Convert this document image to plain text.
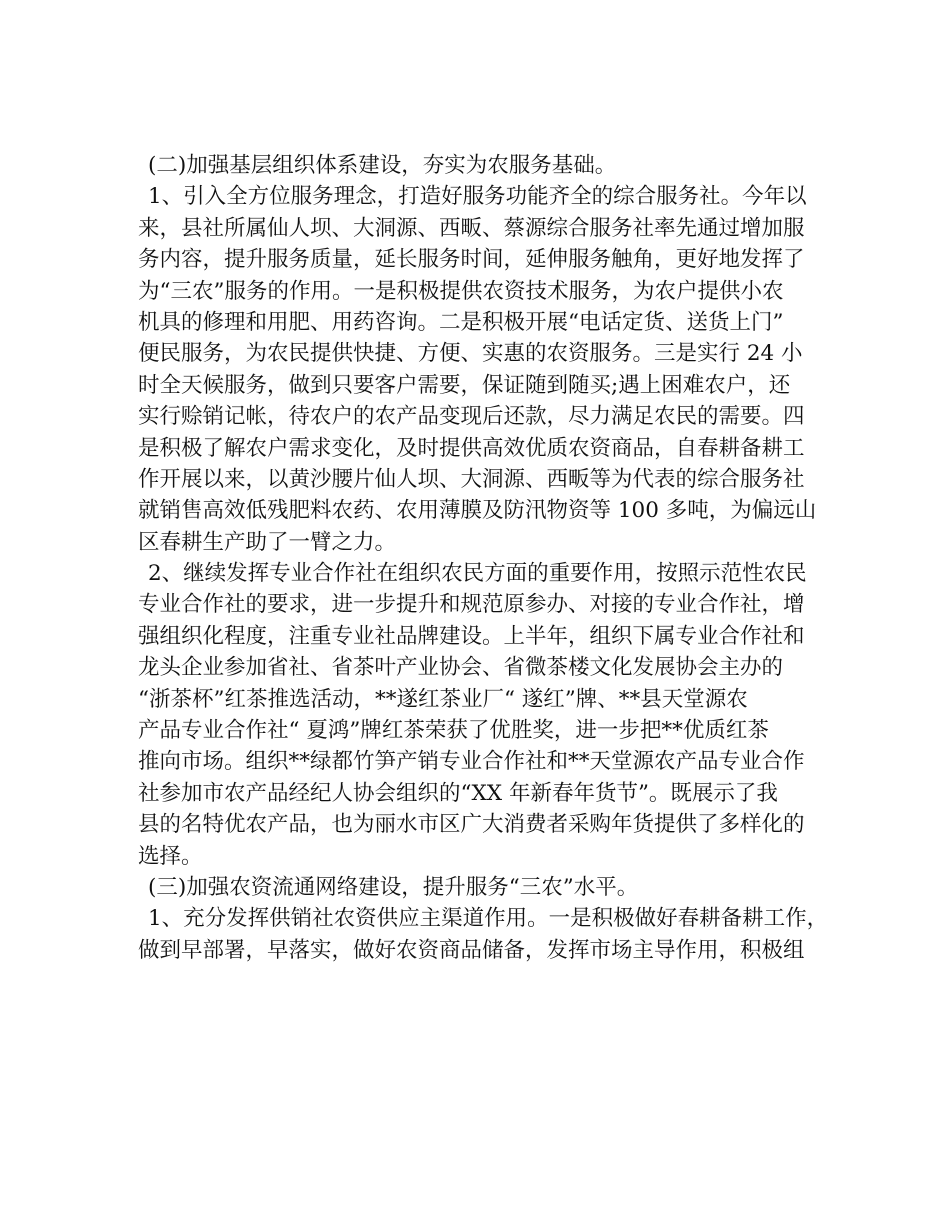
(二)加强基层组织体系建设，夯实为农服务基础。
1、引入全方位服务理念，打造好服务功能齐全的综合服务社。今年以
来，县社所属仙人坝、大洞源、西畈、蔡源综合服务社率先通过增加服
务内容，提升服务质量，延长服务时间，延伸服务触角，更好地发挥了
为“三农”服务的作用。一是积极提供农资技术服务，为农户提供小农
机具的修理和用肥、用药咨询。二是积极开展“电话定货、送货上门”
便民服务，为农民提供快捷、方便、实惠的农资服务。三是实行 24 小
时全天候服务，做到只要客户需要，保证随到随买;遇上困难农户，还
实行赊销记帐，待农户的农产品变现后还款，尽力满足农民的需要。四
是积极了解农户需求变化，及时提供高效优质农资商品，自春耕备耕工
作开展以来，以黄沙腰片仙人坝、大洞源、西畈等为代表的综合服务社
就销售高效低残肥料农药、农用薄膜及防汛物资等 100 多吨，为偏远山
区春耕生产助了一臂之力。
2、继续发挥专业合作社在组织农民方面的重要作用，按照示范性农民
专业合作社的要求，进一步提升和规范原参办、对接的专业合作社，增
强组织化程度，注重专业社品牌建设。上半年，组织下属专业合作社和
龙头企业参加省社、省茶叶产业协会、省微茶楼文化发展协会主办的
“浙茶杯”红茶推选活动，**遂红茶业厂“ 遂红”牌、**县天堂源农
产品专业合作社“ 夏鸿”牌红茶荣获了优胜奖，进一步把**优质红茶
推向市场。组织**绿都竹笋产销专业合作社和**天堂源农产品专业合作
社参加市农产品经纪人协会组织的“XX 年新春年货节”。既展示了我
县的名特优农产品，也为丽水市区广大消费者采购年货提供了多样化的
选择。
(三)加强农资流通网络建设，提升服务“三农”水平。
1、充分发挥供销社农资供应主渠道作用。一是积极做好春耕备耕工作，
做到早部署，早落实，做好农资商品储备，发挥市场主导作用，积极组
